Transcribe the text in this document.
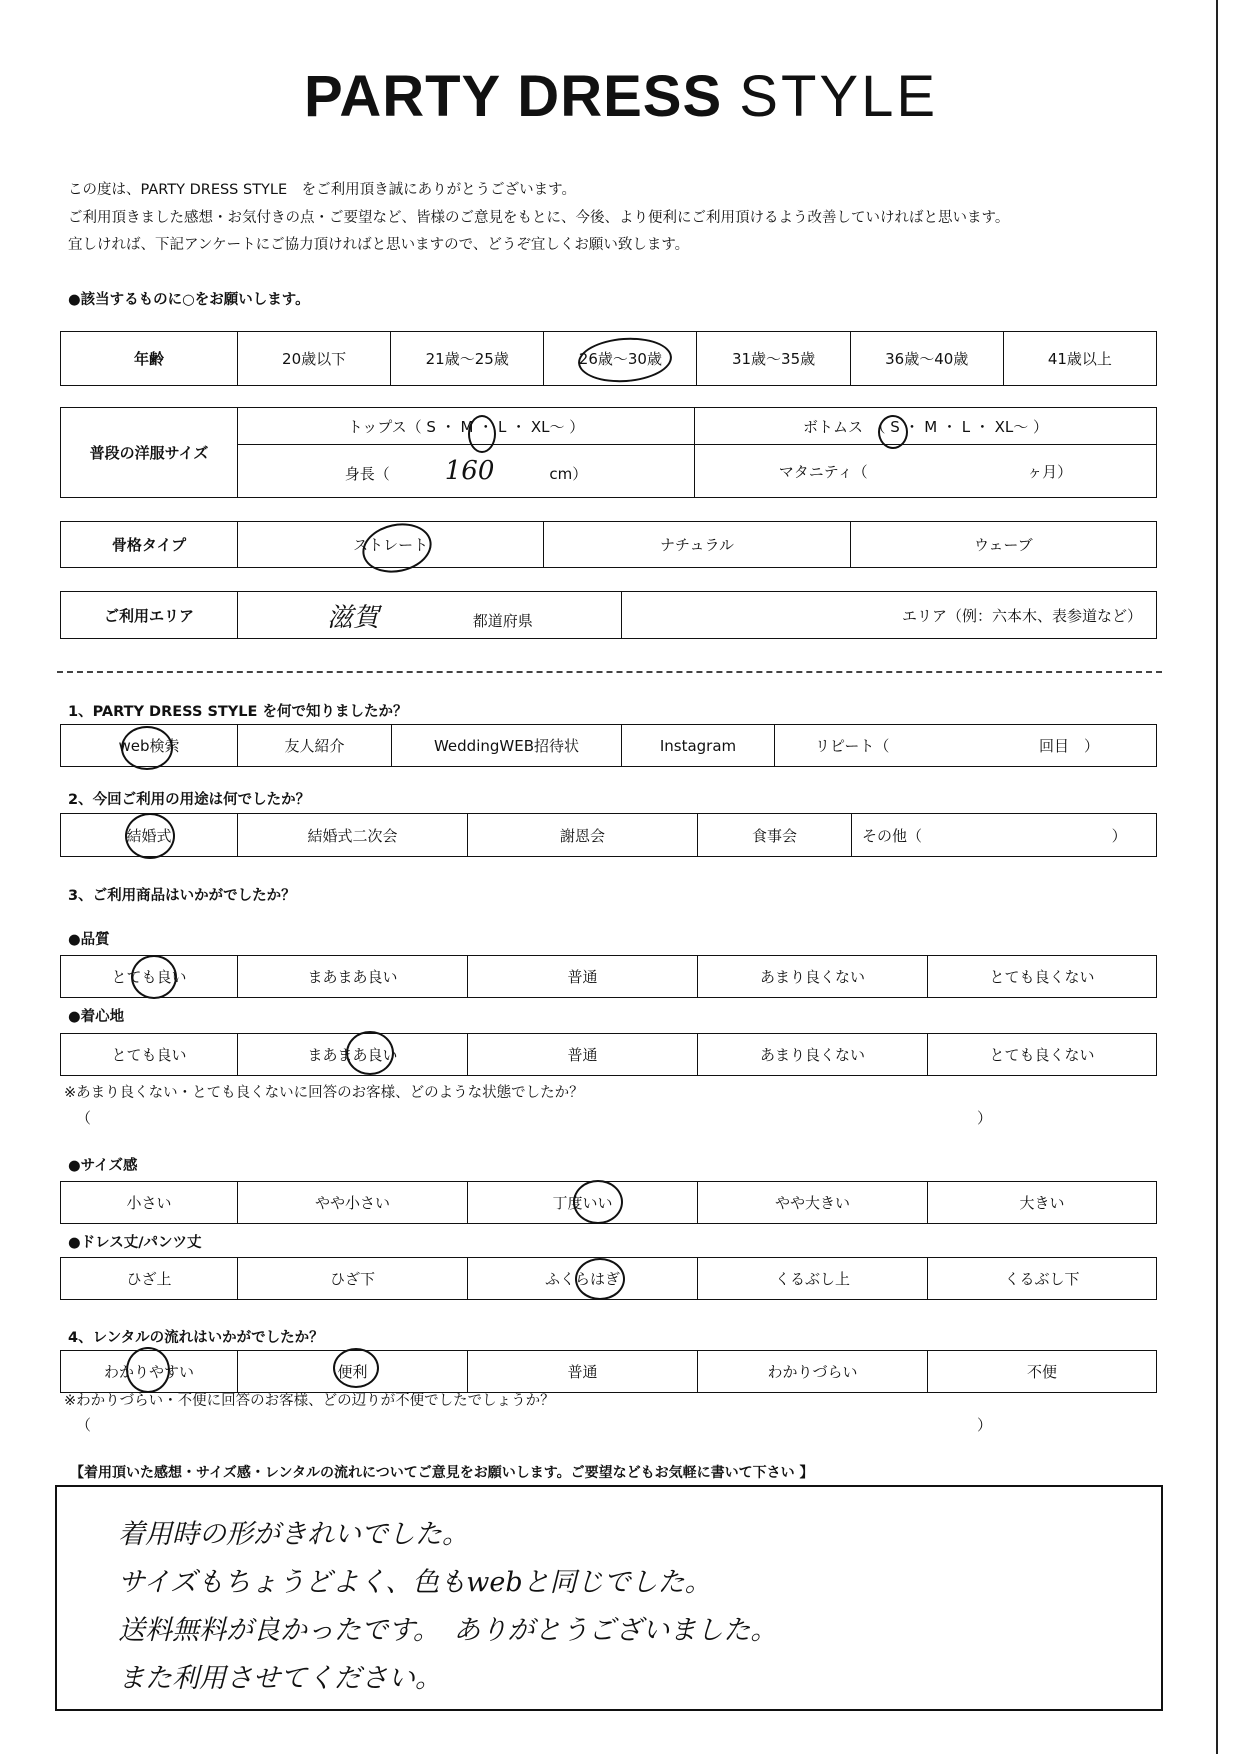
PARTY DRESS STYLE
この度は、PARTY DRESS STYLE　をご利用頂き誠にありがとうございます。
ご利用頂きました感想・お気付きの点・ご要望など、皆様のご意見をもとに、今後、より便利にご利用頂けるよう改善していければと思います。
宜しければ、下記アンケートにご協力頂ければと思いますので、どうぞ宜しくお願い致します。
●該当するものに○をお願いします。
年齢	20歳以下	21歳～25歳	26歳～30歳	31歳～35歳	36歳～40歳	41歳以上
普段の洋服サイズ	トップス（ S ・ M ・ L ・ XL～ ）	ボトムス　（ S ・ M ・ L ・ XL～ ）
	身長（ 160 cm）	マタニティ（ ヶ月）
骨格タイプ	ストレート	ナチュラル	ウェーブ
ご利用エリア	滋賀	都道府県	エリア（例：六本木、表参道など）
1、PARTY DRESS STYLE を何で知りましたか？
web検索	友人紹介	WeddingWEB招待状	Instagram	リピート（	回目　）
2、今回ご利用の用途は何でしたか？
結婚式	結婚式二次会	謝恩会	食事会	その他（	）
3、ご利用商品はいかがでしたか？
●品質
とても良い	まあまあ良い	普通	あまり良くない	とても良くない
●着心地
とても良い	まあまあ良い	普通	あまり良くない	とても良くない
※あまり良くない・とても良くないに回答のお客様、どのような状態でしたか？
（	）
●サイズ感
小さい	やや小さい	丁度いい	やや大きい	大きい
●ドレス丈/パンツ丈
ひざ上	ひざ下	ふくらはぎ	くるぶし上	くるぶし下
4、レンタルの流れはいかがでしたか？
わかりやすい	便利	普通	わかりづらい	不便
※わかりづらい・不便に回答のお客様、どの辺りが不便でしたでしょうか？
（	）
【着用頂いた感想・サイズ感・レンタルの流れについてご意見をお願いします。ご要望などもお気軽に書いて下さい 】
着用時の形がきれいでした。
サイズもちょうどよく、色もwebと同じでした。
送料無料が良かったです。　ありがとうございました。
また利用させてください。
